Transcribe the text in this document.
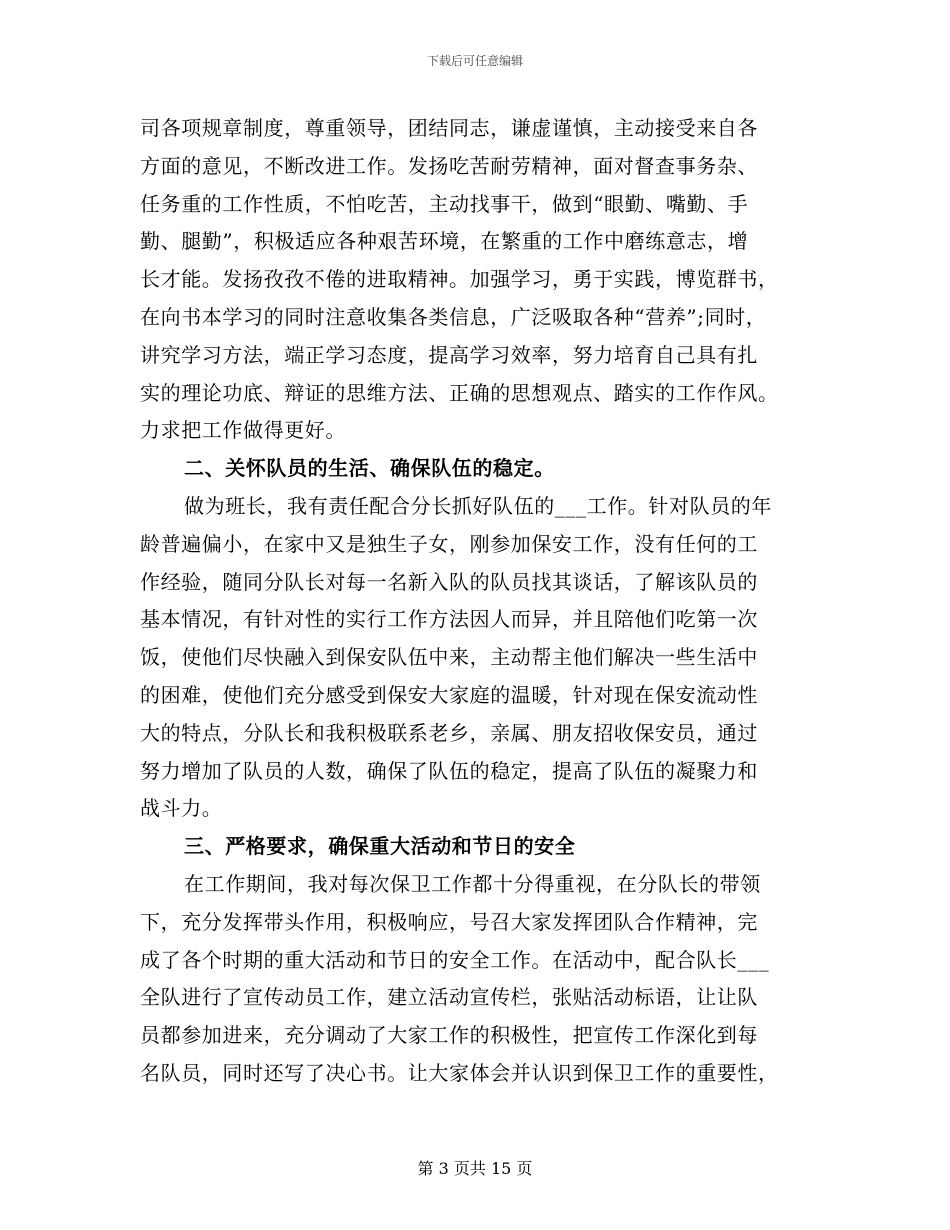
下载后可任意编辑
司各项规章制度，尊重领导，团结同志，谦虚谨慎，主动接受来自各
方面的意见，不断改进工作。发扬吃苦耐劳精神，面对督查事务杂、
任务重的工作性质，不怕吃苦，主动找事干，做到“眼勤、嘴勤、手
勤、腿勤”，积极适应各种艰苦环境，在繁重的工作中磨练意志，增
长才能。发扬孜孜不倦的进取精神。加强学习，勇于实践，博览群书，
在向书本学习的同时注意收集各类信息，广泛吸取各种“营养”;同时，
讲究学习方法，端正学习态度，提高学习效率，努力培育自己具有扎
实的理论功底、辩证的思维方法、正确的思想观点、踏实的工作作风。
力求把工作做得更好。
二、关怀队员的生活、确保队伍的稳定。
做为班长，我有责任配合分长抓好队伍的___工作。针对队员的年
龄普遍偏小，在家中又是独生子女，刚参加保安工作，没有任何的工
作经验，随同分队长对每一名新入队的队员找其谈话，了解该队员的
基本情况，有针对性的实行工作方法因人而异，并且陪他们吃第一次
饭，使他们尽快融入到保安队伍中来，主动帮主他们解决一些生活中
的困难，使他们充分感受到保安大家庭的温暖，针对现在保安流动性
大的特点，分队长和我积极联系老乡，亲属、朋友招收保安员，通过
努力增加了队员的人数，确保了队伍的稳定，提高了队伍的凝聚力和
战斗力。
三、严格要求，确保重大活动和节日的安全
在工作期间，我对每次保卫工作都十分得重视，在分队长的带领
下，充分发挥带头作用，积极响应，号召大家发挥团队合作精神，完
成了各个时期的重大活动和节日的安全工作。在活动中，配合队长___
全队进行了宣传动员工作，建立活动宣传栏，张贴活动标语，让让队
员都参加进来，充分调动了大家工作的积极性，把宣传工作深化到每
名队员，同时还写了决心书。让大家体会并认识到保卫工作的重要性，
第 3 页共 15 页
